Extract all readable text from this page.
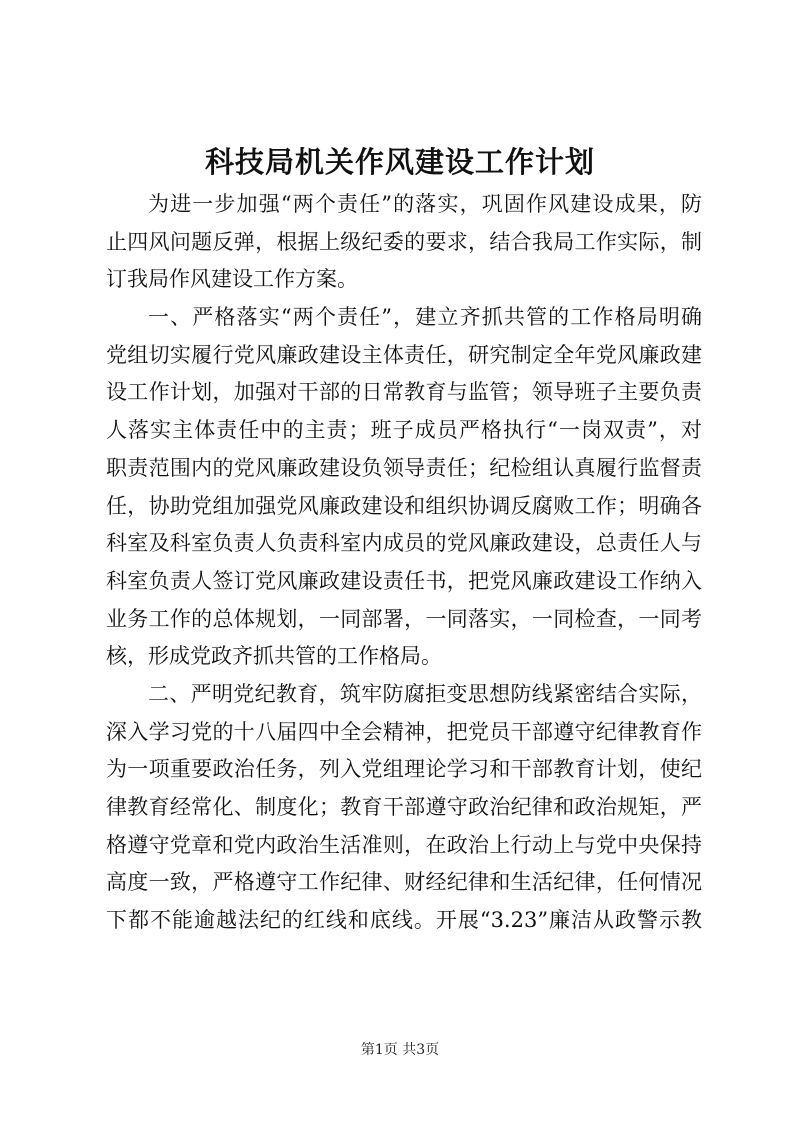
科技局机关作风建设工作计划
为进一步加强“两个责任”的落实，巩固作风建设成果，防
止四风问题反弹，根据上级纪委的要求，结合我局工作实际，制
订我局作风建设工作方案。
一、严格落实“两个责任”，建立齐抓共管的工作格局明确
党组切实履行党风廉政建设主体责任，研究制定全年党风廉政建
设工作计划，加强对干部的日常教育与监管；领导班子主要负责
人落实主体责任中的主责；班子成员严格执行“一岗双责”，对
职责范围内的党风廉政建设负领导责任；纪检组认真履行监督责
任，协助党组加强党风廉政建设和组织协调反腐败工作；明确各
科室及科室负责人负责科室内成员的党风廉政建设，总责任人与
科室负责人签订党风廉政建设责任书，把党风廉政建设工作纳入
业务工作的总体规划，一同部署，一同落实，一同检查，一同考
核，形成党政齐抓共管的工作格局。
二、严明党纪教育，筑牢防腐拒变思想防线紧密结合实际，
深入学习党的十八届四中全会精神，把党员干部遵守纪律教育作
为一项重要政治任务，列入党组理论学习和干部教育计划，使纪
律教育经常化、制度化；教育干部遵守政治纪律和政治规矩，严
格遵守党章和党内政治生活准则，在政治上行动上与党中央保持
高度一致，严格遵守工作纪律、财经纪律和生活纪律，任何情况
下都不能逾越法纪的红线和底线。开展“3.23”廉洁从政警示教
第1页 共3页
